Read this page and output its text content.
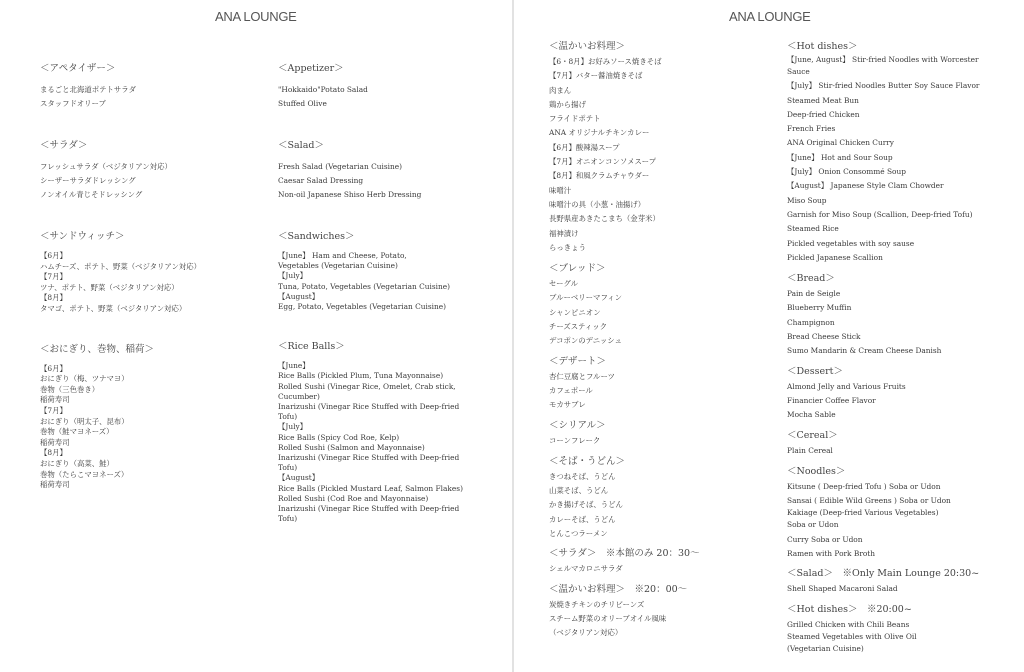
ANA LOUNGE
＜アペタイザー＞
まるごと北海道ポテトサラダ
スタッフドオリーブ
＜サラダ＞
フレッシュサラダ（ベジタリアン対応）
シーザーサラダドレッシング
ノンオイル青じそドレッシング
＜サンドウィッチ＞
【6月】
ハムチーズ、ポテト、野菜（ベジタリアン対応）
【7月】
ツナ、ポテト、野菜（ベジタリアン対応）
【8月】
タマゴ、ポテト、野菜（ベジタリアン対応）
＜おにぎり、巻物、稲荷＞
【6月】
おにぎり（梅、ツナマヨ）
巻物（三色巻き）
稲荷寿司
【7月】
おにぎり（明太子、昆布）
巻物（鮭マヨネーズ）
稲荷寿司
【8月】
おにぎり（高菜、鮭）
巻物（たらこマヨネーズ）
稲荷寿司
＜Appetizer＞
"Hokkaido"Potato Salad
Stuffed Olive
＜Salad＞
Fresh Salad (Vegetarian Cuisine)
Caesar Salad Dressing
Non-oil Japanese Shiso Herb Dressing
＜Sandwiches＞
【June】 Ham and Cheese, Potato,
Vegetables (Vegetarian Cuisine)
【July】
Tuna, Potato, Vegetables (Vegetarian Cuisine)
【August】
Egg, Potato, Vegetables (Vegetarian Cuisine)
＜Rice Balls＞
【June】
Rice Balls (Pickled Plum, Tuna Mayonnaise)
Rolled Sushi (Vinegar Rice, Omelet, Crab stick,
Cucumber)
Inarizushi (Vinegar Rice Stuffed with Deep-fried
Tofu)
【July】
Rice Balls (Spicy Cod Roe, Kelp)
Rolled Sushi (Salmon and Mayonnaise)
Inarizushi (Vinegar Rice Stuffed with Deep-fried
Tofu)
【August】
Rice Balls (Pickled Mustard Leaf, Salmon Flakes)
Rolled Sushi (Cod Roe and Mayonnaise)
Inarizushi (Vinegar Rice Stuffed with Deep-fried
Tofu)
ANA LOUNGE
＜温かいお料理＞
【6・8月】お好みソース焼きそば
【7月】バター醤油焼きそば
肉まん
鶏から揚げ
フライドポテト
ANA オリジナルチキンカレー
【6月】酸辣湯スープ
【7月】オニオンコンソメスープ
【8月】和風クラムチャウダー
味噌汁
味噌汁の具（小葱・油揚げ）
長野県産あきたこまち（金芽米）
福神漬け
らっきょう
＜ブレッド＞
セーグル
ブルーベリーマフィン
シャンピニオン
チーズスティック
デコポンのデニッシュ
＜デザート＞
杏仁豆腐とフルーツ
カフェポール
モカサブレ
＜シリアル＞
コーンフレーク
＜そば・うどん＞
きつねそば、うどん
山菜そば、うどん
かき揚げそば、うどん
カレーそば、うどん
とんこつラーメン
＜サラダ＞　※本館のみ 20：30～
シェルマカロニサラダ
＜温かいお料理＞　※20：00～
炭焼きチキンのチリビーンズ
スチーム野菜のオリーブオイル風味
（ベジタリアン対応）
＜Hot dishes＞
【June, August】 Stir-fried Noodles with Worcester
Sauce
【July】 Stir-fried Noodles Butter Soy Sauce Flavor
Steamed Meat Bun
Deep-fried Chicken
French Fries
ANA Original Chicken Curry
【June】 Hot and Sour Soup
【July】 Onion Consommé Soup
【August】 Japanese Style Clam Chowder
Miso Soup
Garnish for Miso Soup (Scallion, Deep-fried Tofu)
Steamed Rice
Pickled vegetables with soy sause
Pickled Japanese Scallion
＜Bread＞
Pain de Seigle
Blueberry Muffin
Champignon
Bread Cheese Stick
Sumo Mandarin & Cream Cheese Danish
＜Dessert＞
Almond Jelly and Various Fruits
Financier Coffee Flavor
Mocha Sable
＜Cereal＞
Plain Cereal
＜Noodles＞
Kitsune ( Deep-fried Tofu ) Soba or Udon
Sansai ( Edible Wild Greens ) Soba or Udon
Kakiage (Deep-fried Various Vegetables)
Soba or Udon
Curry Soba or Udon
Ramen with Pork Broth
＜Salad＞　※Only Main Lounge 20:30~
Shell Shaped Macaroni Salad
＜Hot dishes＞　※20:00~
Grilled Chicken with Chili Beans
Steamed Vegetables with Olive Oil
(Vegetarian Cuisine)
